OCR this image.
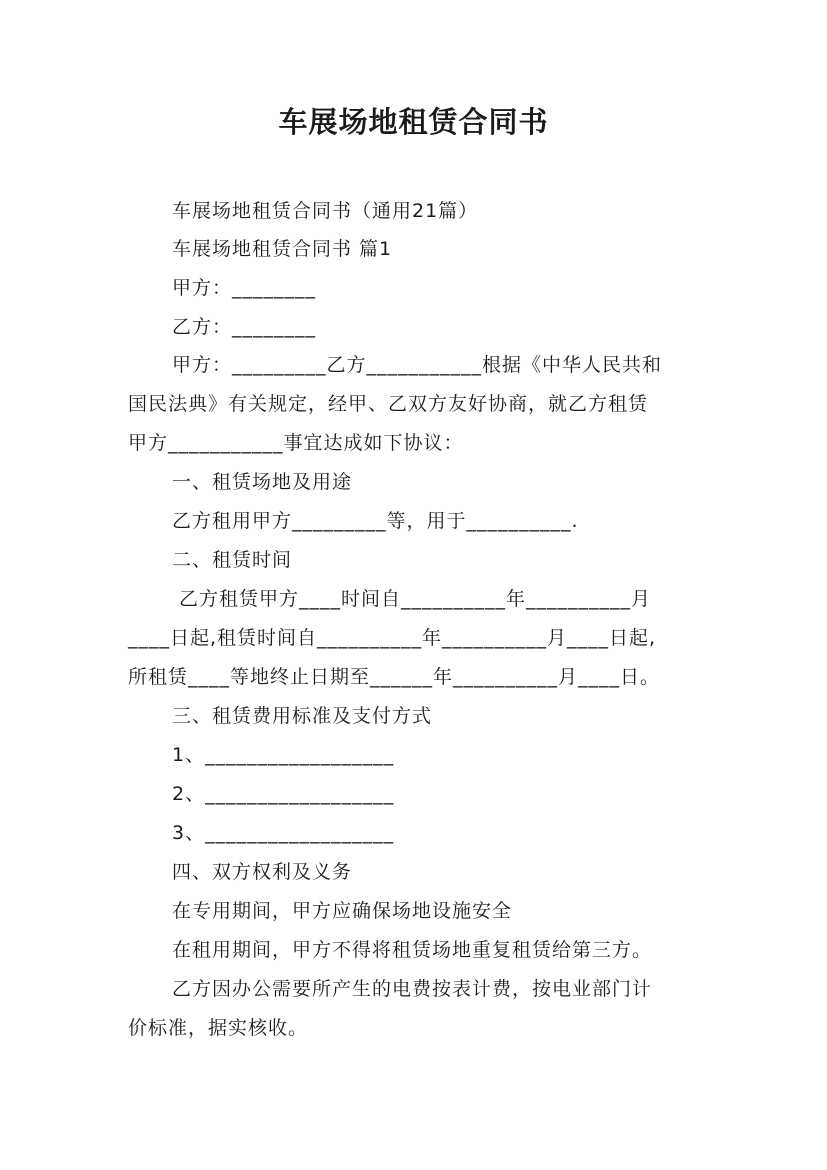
车展场地租赁合同书
车展场地租赁合同书（通用21篇）
车展场地租赁合同书 篇1
甲方：________
乙方：________
甲方：_________乙方___________根据《中华人民共和
国民法典》有关规定，经甲、乙双方友好协商，就乙方租赁
甲方___________事宜达成如下协议：
一、租赁场地及用途
乙方租用甲方_________等，用于__________.
二、租赁时间
乙方租赁甲方____时间自__________年__________月
____日起,租赁时间自__________年__________月____日起,
所租赁____等地终止日期至______年__________月____日。
三、租赁费用标准及支付方式
1、__________________
2、__________________
3、__________________
四、双方权利及义务
在专用期间，甲方应确保场地设施安全
在租用期间，甲方不得将租赁场地重复租赁给第三方。
乙方因办公需要所产生的电费按表计费，按电业部门计
价标准，据实核收。
